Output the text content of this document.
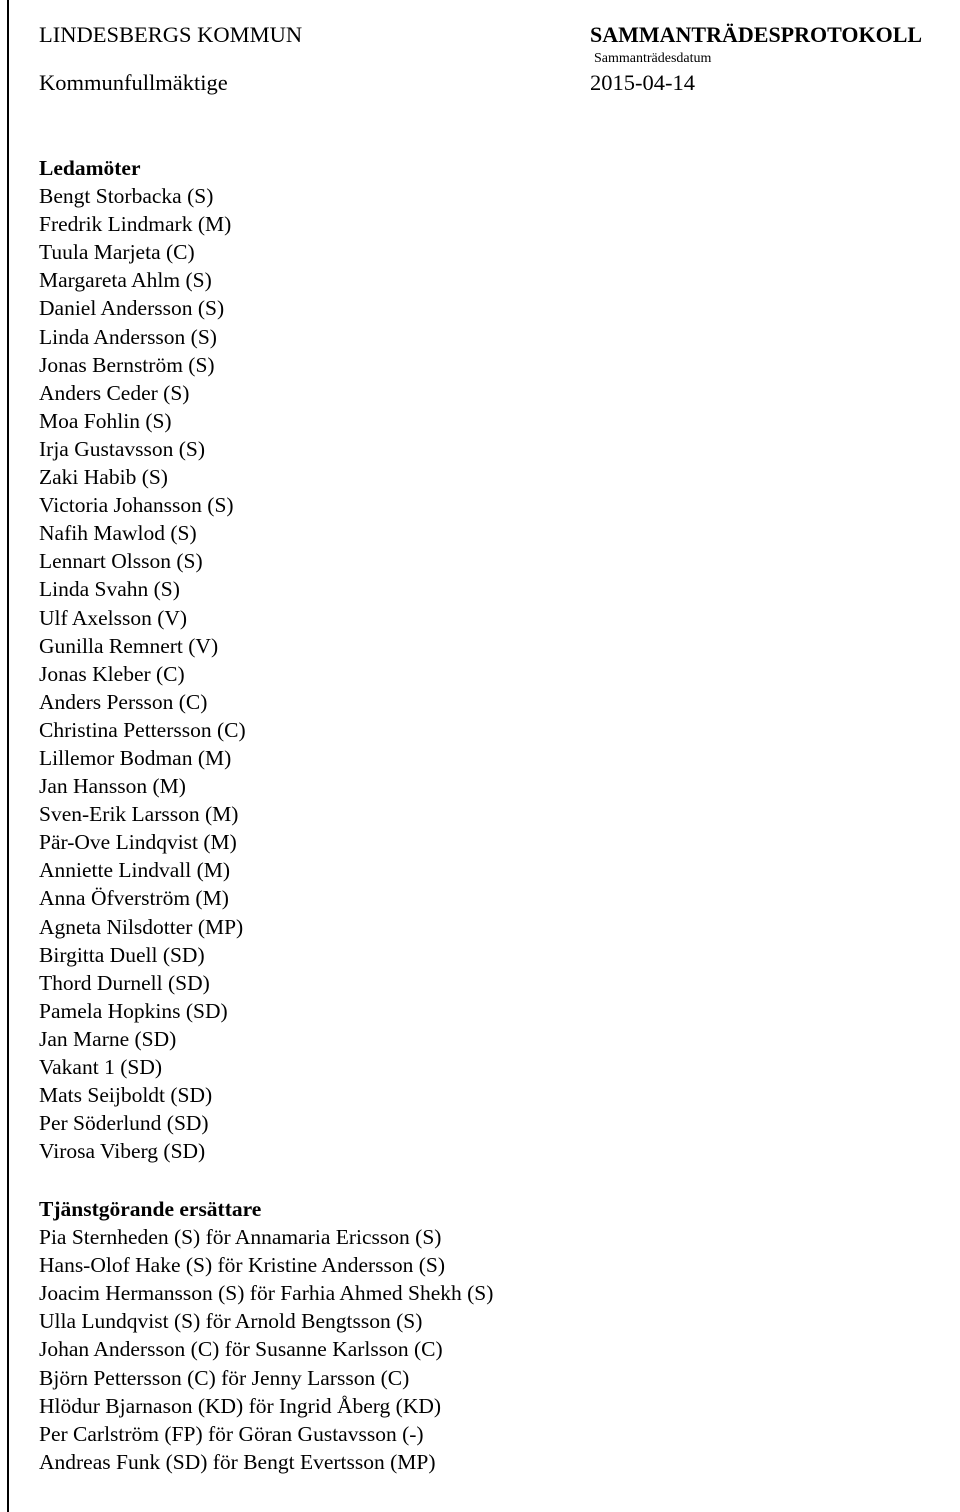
LINDESBERGS KOMMUN	SAMMANTRÄDESPROTOKOLL
Sammanträdesdatum
Kommunfullmäktige	2015-04-14
Ledamöter
Bengt Storbacka (S)
Fredrik Lindmark (M)
Tuula Marjeta (C)
Margareta Ahlm (S)
Daniel Andersson (S)
Linda Andersson (S)
Jonas Bernström (S)
Anders Ceder (S)
Moa Fohlin (S)
Irja Gustavsson (S)
Zaki Habib (S)
Victoria Johansson (S)
Nafih Mawlod (S)
Lennart Olsson (S)
Linda Svahn (S)
Ulf Axelsson (V)
Gunilla Remnert (V)
Jonas Kleber (C)
Anders Persson (C)
Christina Pettersson (C)
Lillemor Bodman (M)
Jan Hansson (M)
Sven-Erik Larsson (M)
Pär-Ove Lindqvist (M)
Anniette Lindvall (M)
Anna Öfverström (M)
Agneta Nilsdotter (MP)
Birgitta Duell (SD)
Thord Durnell (SD)
Pamela Hopkins (SD)
Jan Marne (SD)
Vakant 1 (SD)
Mats Seijboldt (SD)
Per Söderlund (SD)
Virosa Viberg (SD)
Tjänstgörande ersättare
Pia Sternheden (S) för Annamaria Ericsson (S)
Hans-Olof Hake (S) för Kristine Andersson (S)
Joacim Hermansson (S) för Farhia Ahmed Shekh (S)
Ulla Lundqvist (S) för Arnold Bengtsson (S)
Johan Andersson (C) för Susanne Karlsson (C)
Björn Pettersson (C) för Jenny Larsson (C)
Hlödur Bjarnason (KD) för Ingrid Åberg (KD)
Per Carlström (FP) för Göran Gustavsson (-)
Andreas Funk (SD) för Bengt Evertsson (MP)
